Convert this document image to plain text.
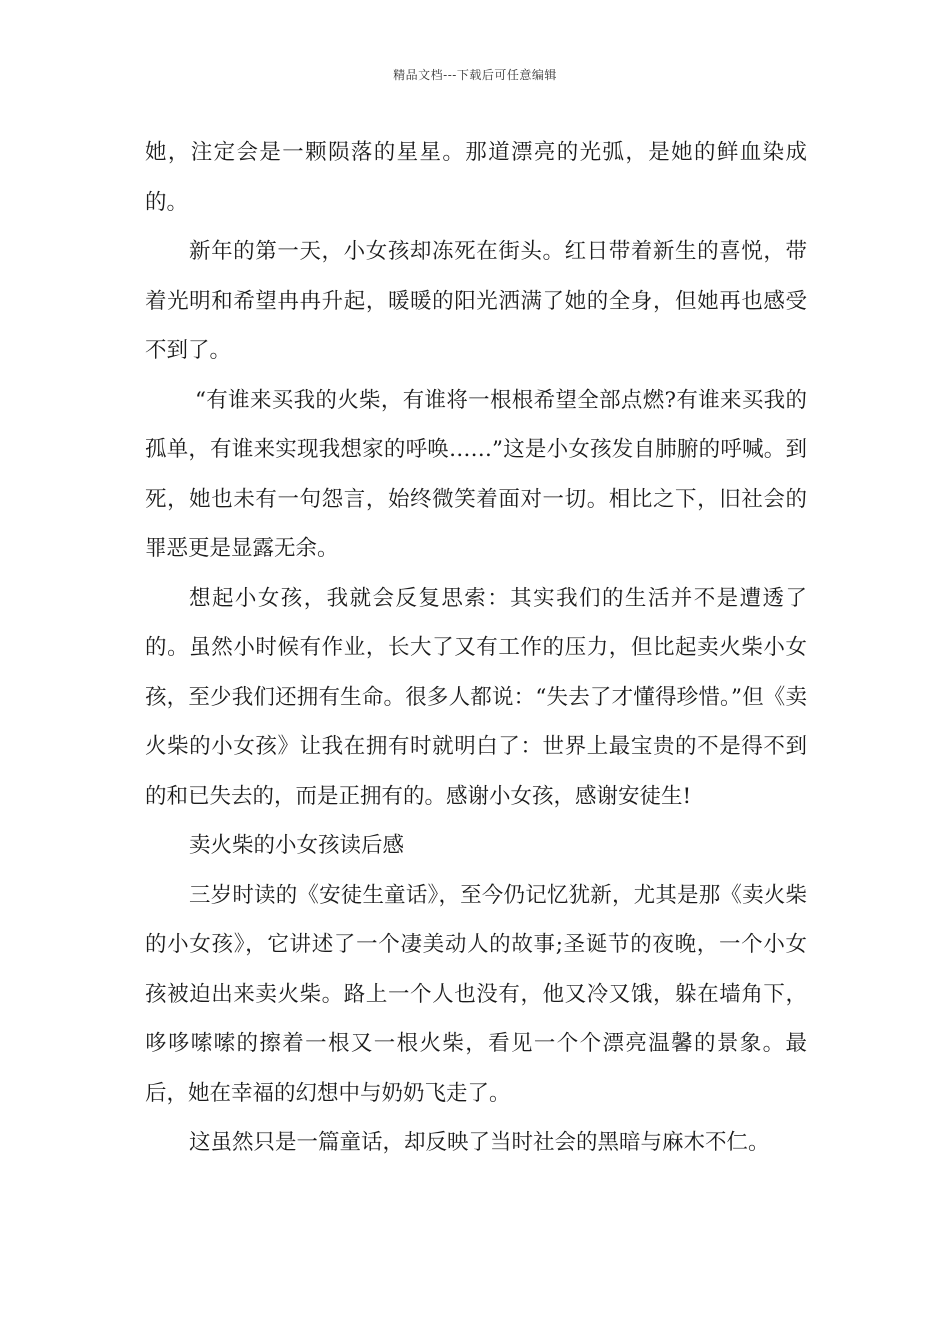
精品文档---下载后可任意编辑

她，注定会是一颗陨落的星星。那道漂亮的光弧，是她的鲜血染成的。

新年的第一天，小女孩却冻死在街头。红日带着新生的喜悦，带着光明和希望冉冉升起，暖暖的阳光洒满了她的全身，但她再也感受不到了。

“有谁来买我的火柴，有谁将一根根希望全部点燃?有谁来买我的孤单，有谁来实现我想家的呼唤……”这是小女孩发自肺腑的呼喊。到死，她也未有一句怨言，始终微笑着面对一切。相比之下，旧社会的罪恶更是显露无余。

想起小女孩，我就会反复思索：其实我们的生活并不是遭透了的。虽然小时候有作业，长大了又有工作的压力，但比起卖火柴小女孩，至少我们还拥有生命。很多人都说：“失去了才懂得珍惜。”但《卖火柴的小女孩》让我在拥有时就明白了：世界上最宝贵的不是得不到的和已失去的，而是正拥有的。感谢小女孩，感谢安徒生!

卖火柴的小女孩读后感

三岁时读的《安徒生童话》，至今仍记忆犹新，尤其是那《卖火柴的小女孩》，它讲述了一个凄美动人的故事;圣诞节的夜晚，一个小女孩被迫出来卖火柴。路上一个人也没有，他又冷又饿，躲在墙角下，哆哆嗦嗦的擦着一根又一根火柴，看见一个个漂亮温馨的景象。最后，她在幸福的幻想中与奶奶飞走了。

这虽然只是一篇童话，却反映了当时社会的黑暗与麻木不仁。
